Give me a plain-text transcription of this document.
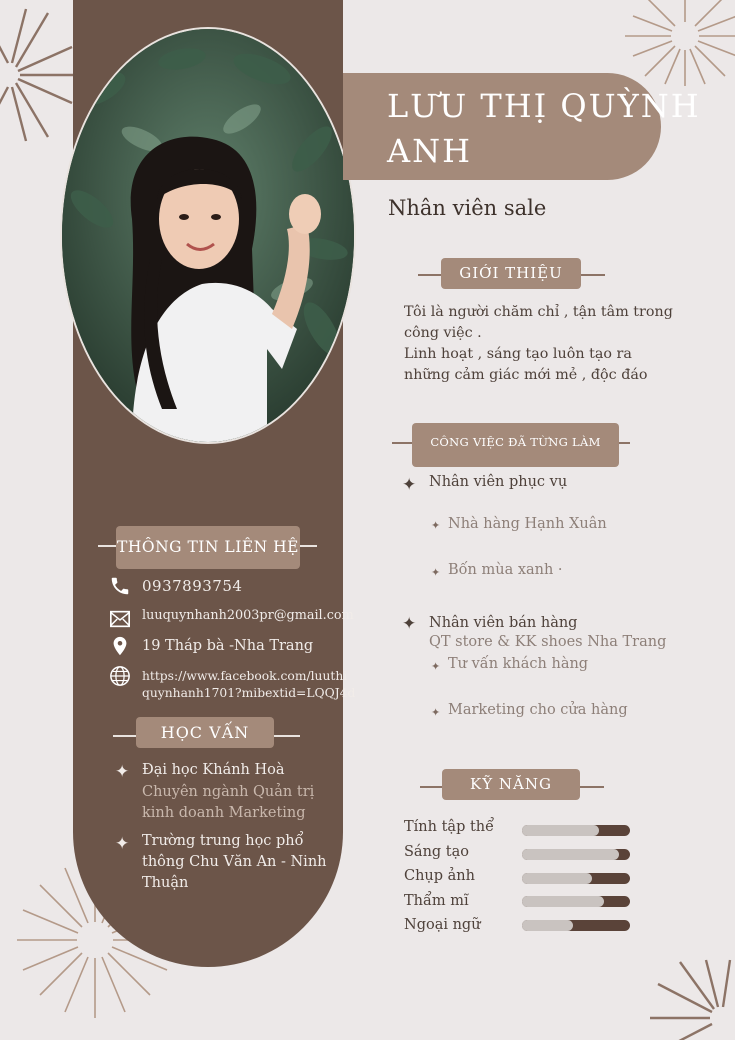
LƯU THỊ QUỲNH
ANH
Nhân viên sale
GIỚI THIỆU
Tôi là người chăm chỉ , tận tâm trong
công việc .
Linh hoạt , sáng tạo luôn tạo ra
những cảm giác mới mẻ , độc đáo
CÔNG VIỆC ĐÃ TỪNG LÀM
✦ Nhân viên phục vụ
✦ Nhà hàng Hạnh Xuân
✦ Bốn mùa xanh ·
✦ Nhân viên bán hàng
QT store & KK shoes Nha Trang
✦ Tư vấn khách hàng
✦ Marketing cho cửa hàng
KỸ NĂNG
Tính tập thể
Sáng tạo
Chụp ảnh
Thẩm mĩ
Ngoại ngữ
THÔNG TIN LIÊN HỆ
0937893754
luuquynhanh2003pr@gmail.com
19 Tháp bà -Nha Trang
https://www.facebook.com/luuthi
quynhanh1701?mibextid=LQQJ4d
HỌC VẤN
✦ Đại học Khánh Hoà
Chuyên ngành Quản trị
kinh doanh Marketing
✦ Trường trung học phổ
thông Chu Văn An - Ninh
Thuận
